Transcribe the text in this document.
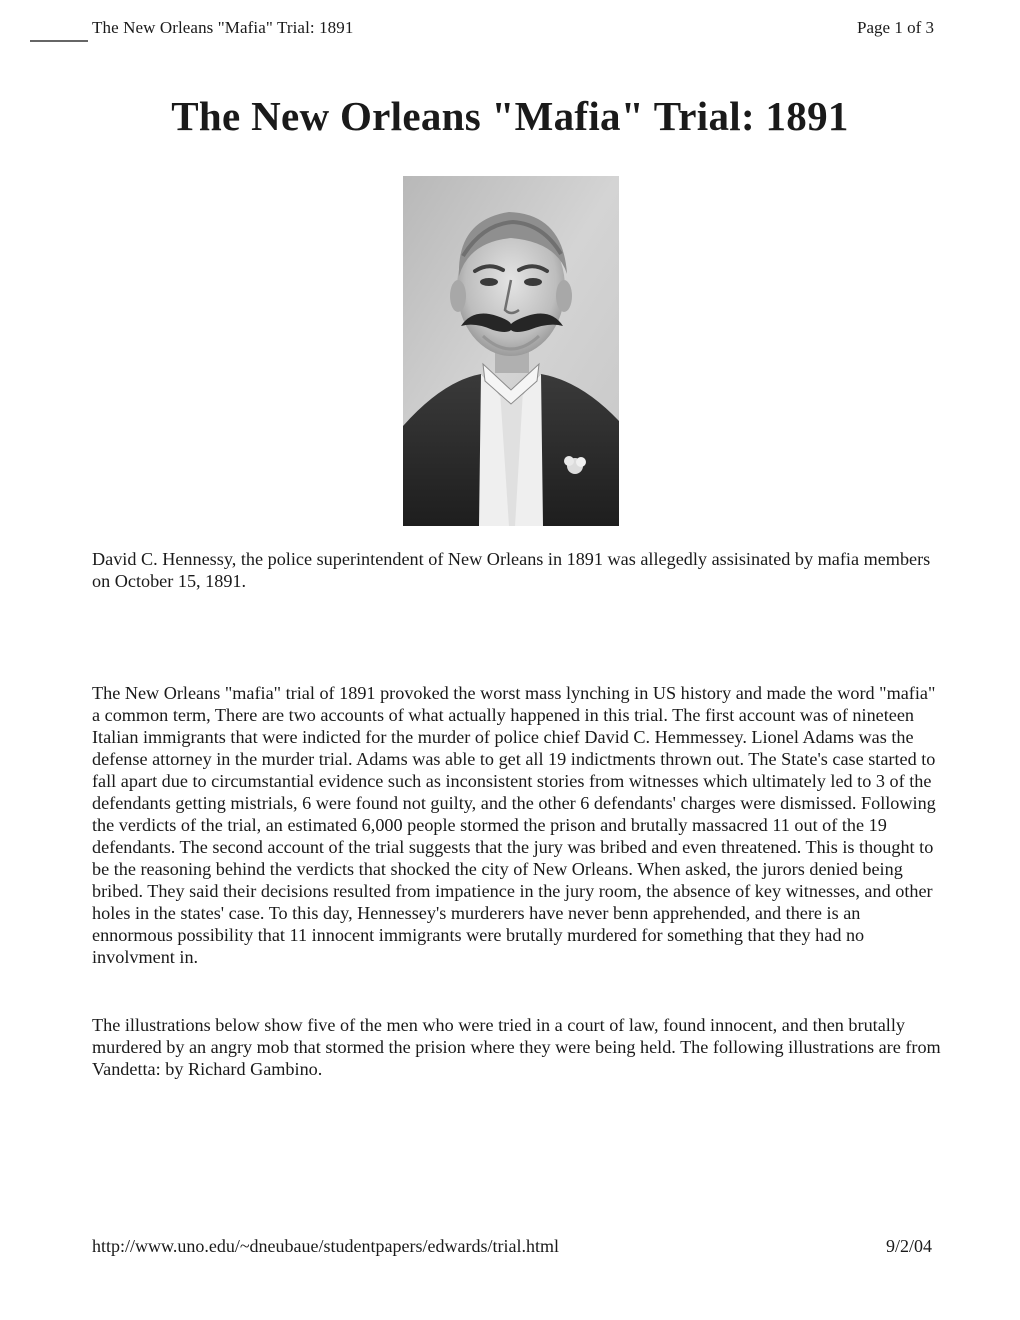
The New Orleans "Mafia" Trial: 1891	Page 1 of 3
The New Orleans "Mafia" Trial: 1891
David C. Hennessy, the police superintendent of New Orleans in 1891 was allegedly assisinated by mafia members on October 15, 1891.

The New Orleans "mafia" trial of 1891 provoked the worst mass lynching in US history and made the word "mafia" a common term, There are two accounts of what actually happened in this trial. The first account was of nineteen Italian immigrants that were indicted for the murder of police chief David C. Hemmessey. Lionel Adams was the defense attorney in the murder trial. Adams was able to get all 19 indictments thrown out. The State's case started to fall apart due to circumstantial evidence such as inconsistent stories from witnesses which ultimately led to 3 of the defendants getting mistrials, 6 were found not guilty, and the other 6 defendants' charges were dismissed. Following the verdicts of the trial, an estimated 6,000 people stormed the prison and brutally massacred 11 out of the 19 defendants. The second account of the trial suggests that the jury was bribed and even threatened. This is thought to be the reasoning behind the verdicts that shocked the city of New Orleans. When asked, the jurors denied being bribed. They said their decisions resulted from impatience in the jury room, the absence of key witnesses, and other holes in the states' case. To this day, Hennessey's murderers have never benn apprehended, and there is an ennormous possibility that 11 innocent immigrants were brutally murdered for something that they had no involvment in.

The illustrations below show five of the men who were tried in a court of law, found innocent, and then brutally murdered by an angry mob that stormed the prision where they were being held. The following illustrations are from Vandetta: by Richard Gambino.

http://www.uno.edu/~dneubaue/studentpapers/edwards/trial.html	9/2/04
